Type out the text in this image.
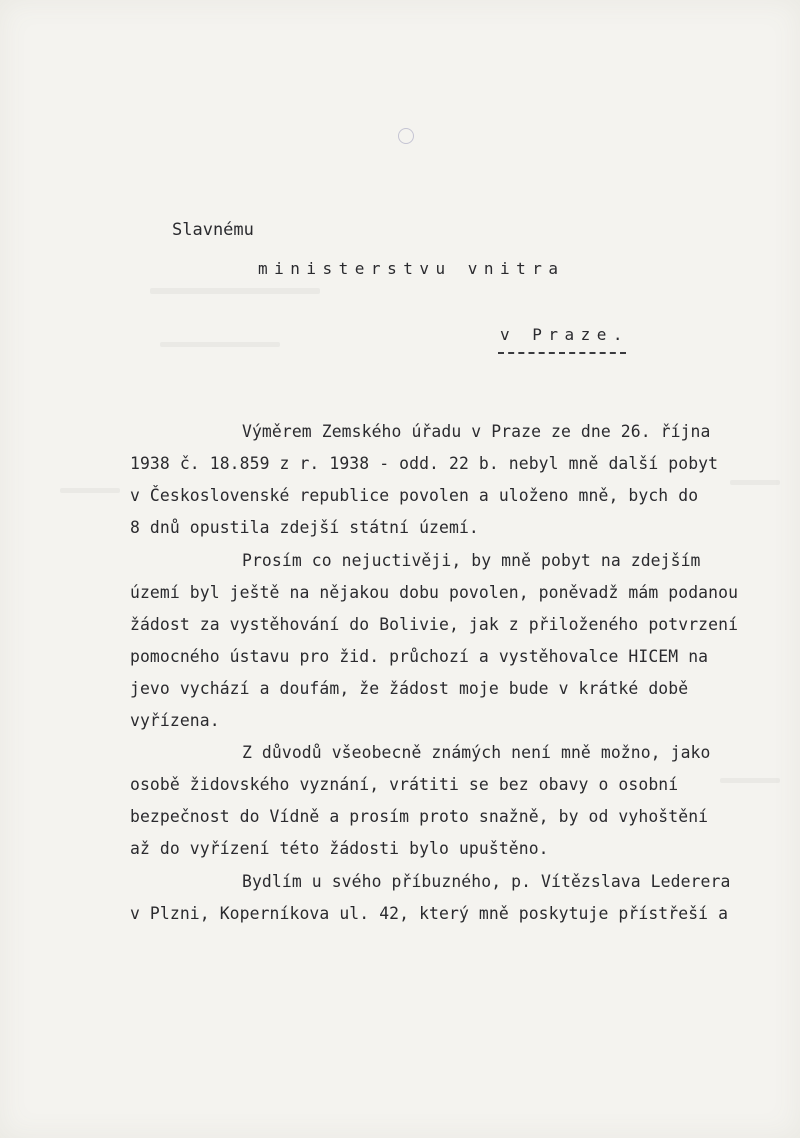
Slavnému
ministerstvu vnitra
v Praze.
Výměrem Zemského úřadu v Praze ze dne 26. října
1938 č. 18.859 z r. 1938 - odd. 22 b. nebyl mně další pobyt
v Československé republice povolen a uloženo mně, bych do
8 dnů opustila zdejší státní území.
Prosím co nejuctivěji, by mně pobyt na zdejším
území byl ještě na nějakou dobu povolen, poněvadž mám podanou
žádost za vystěhování do Bolivie, jak z přiloženého potvrzení
pomocného ústavu pro žid. průchozí a vystěhovalce HICEM na
jevo vychází a doufám, že žádost moje bude v krátké době
vyřízena.
Z důvodů všeobecně známých není mně možno, jako
osobě židovského vyznání, vrátiti se bez obavy o osobní
bezpečnost do Vídně a prosím proto snažně, by od vyhoštění
až do vyřízení této žádosti bylo upuštěno.
Bydlím u svého příbuzného, p. Vítězslava Ledererа
v Plzni, Koperníkova ul. 42, který mně poskytuje přístřeší a
